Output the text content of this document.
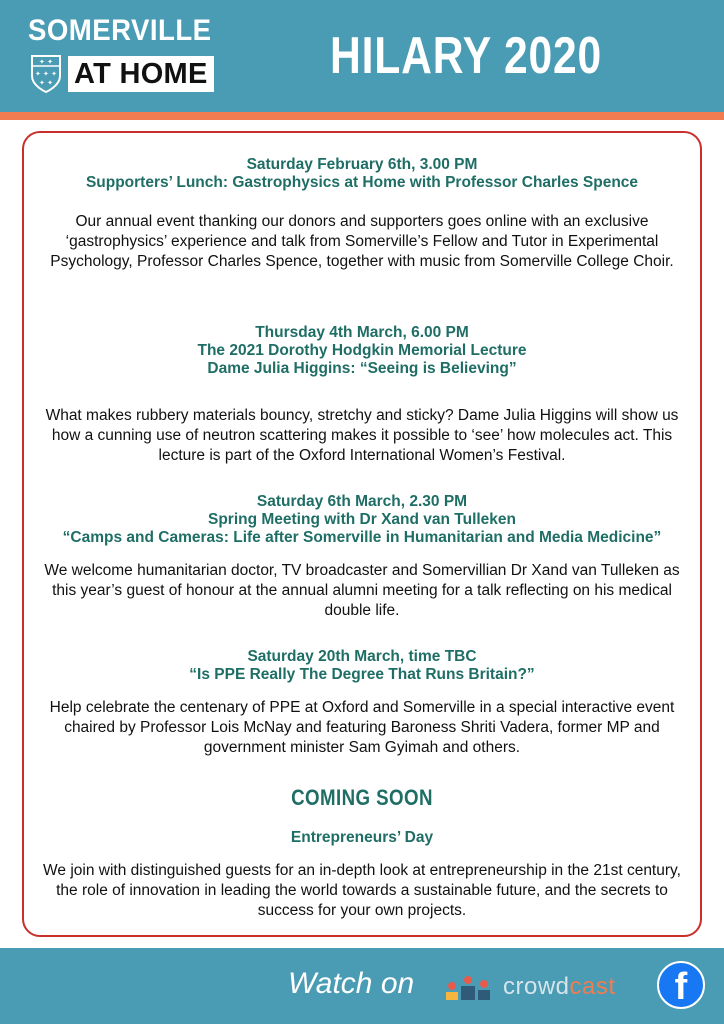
SOMERVILLE
✦ ✦
✦ ✦ ✦
✦ ✦ AT HOME HILARY 2020
Saturday February 6th, 3.00 PM
Supporters’ Lunch: Gastrophysics at Home with Professor Charles Spence
Our annual event thanking our donors and supporters goes online with an exclusive ‘gastrophysics’ experience and talk from Somerville’s Fellow and Tutor in Experimental Psychology, Professor Charles Spence, together with music from Somerville College Choir.
Thursday 4th March, 6.00 PM
The 2021 Dorothy Hodgkin Memorial Lecture
Dame Julia Higgins: “Seeing is Believing”
What makes rubbery materials bouncy, stretchy and sticky? Dame Julia Higgins will show us how a cunning use of neutron scattering makes it possible to ‘see’ how molecules act. This lecture is part of the Oxford International Women’s Festival.
Saturday 6th March, 2.30 PM
Spring Meeting with Dr Xand van Tulleken
“Camps and Cameras: Life after Somerville in Humanitarian and Media Medicine”
We welcome humanitarian doctor, TV broadcaster and Somervillian Dr Xand van Tulleken as this year’s guest of honour at the annual alumni meeting for a talk reflecting on his medical double life.
Saturday 20th March, time TBC
“Is PPE Really The Degree That Runs Britain?”
Help celebrate the centenary of PPE at Oxford and Somerville in a special interactive event chaired by Professor Lois McNay and featuring Baroness Shriti Vadera, former MP and government minister Sam Gyimah and others.
COMING SOON
Entrepreneurs’ Day
We join with distinguished guests for an in-depth look at entrepreneurship in the 21st century, the role of innovation in leading the world towards a sustainable future, and the secrets to success for your own projects.
Watch on	crowdcast	f
